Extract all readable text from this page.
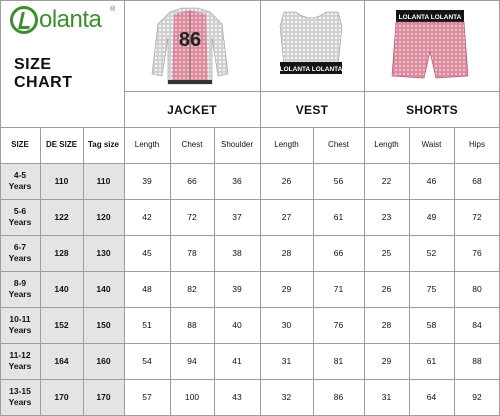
olanta ®
SIZE CHART
86
LOLANTA LOLANTA
LOLANTA LOLANTA
JACKET	VEST	SHORTS
SIZE	DE SIZE	Tag size	Length	Chest	Shoulder	Length	Chest	Length	Waist	Hips
4-5
Years	110	110	39	66	36	26	56	22	46	68
5-6
Years	122	120	42	72	37	27	61	23	49	72
6-7
Years	128	130	45	78	38	28	66	25	52	76
8-9
Years	140	140	48	82	39	29	71	26	75	80
10-11
Years	152	150	51	88	40	30	76	28	58	84
11-12
Years	164	160	54	94	41	31	81	29	61	88
13-15
Years	170	170	57	100	43	32	86	31	64	92
